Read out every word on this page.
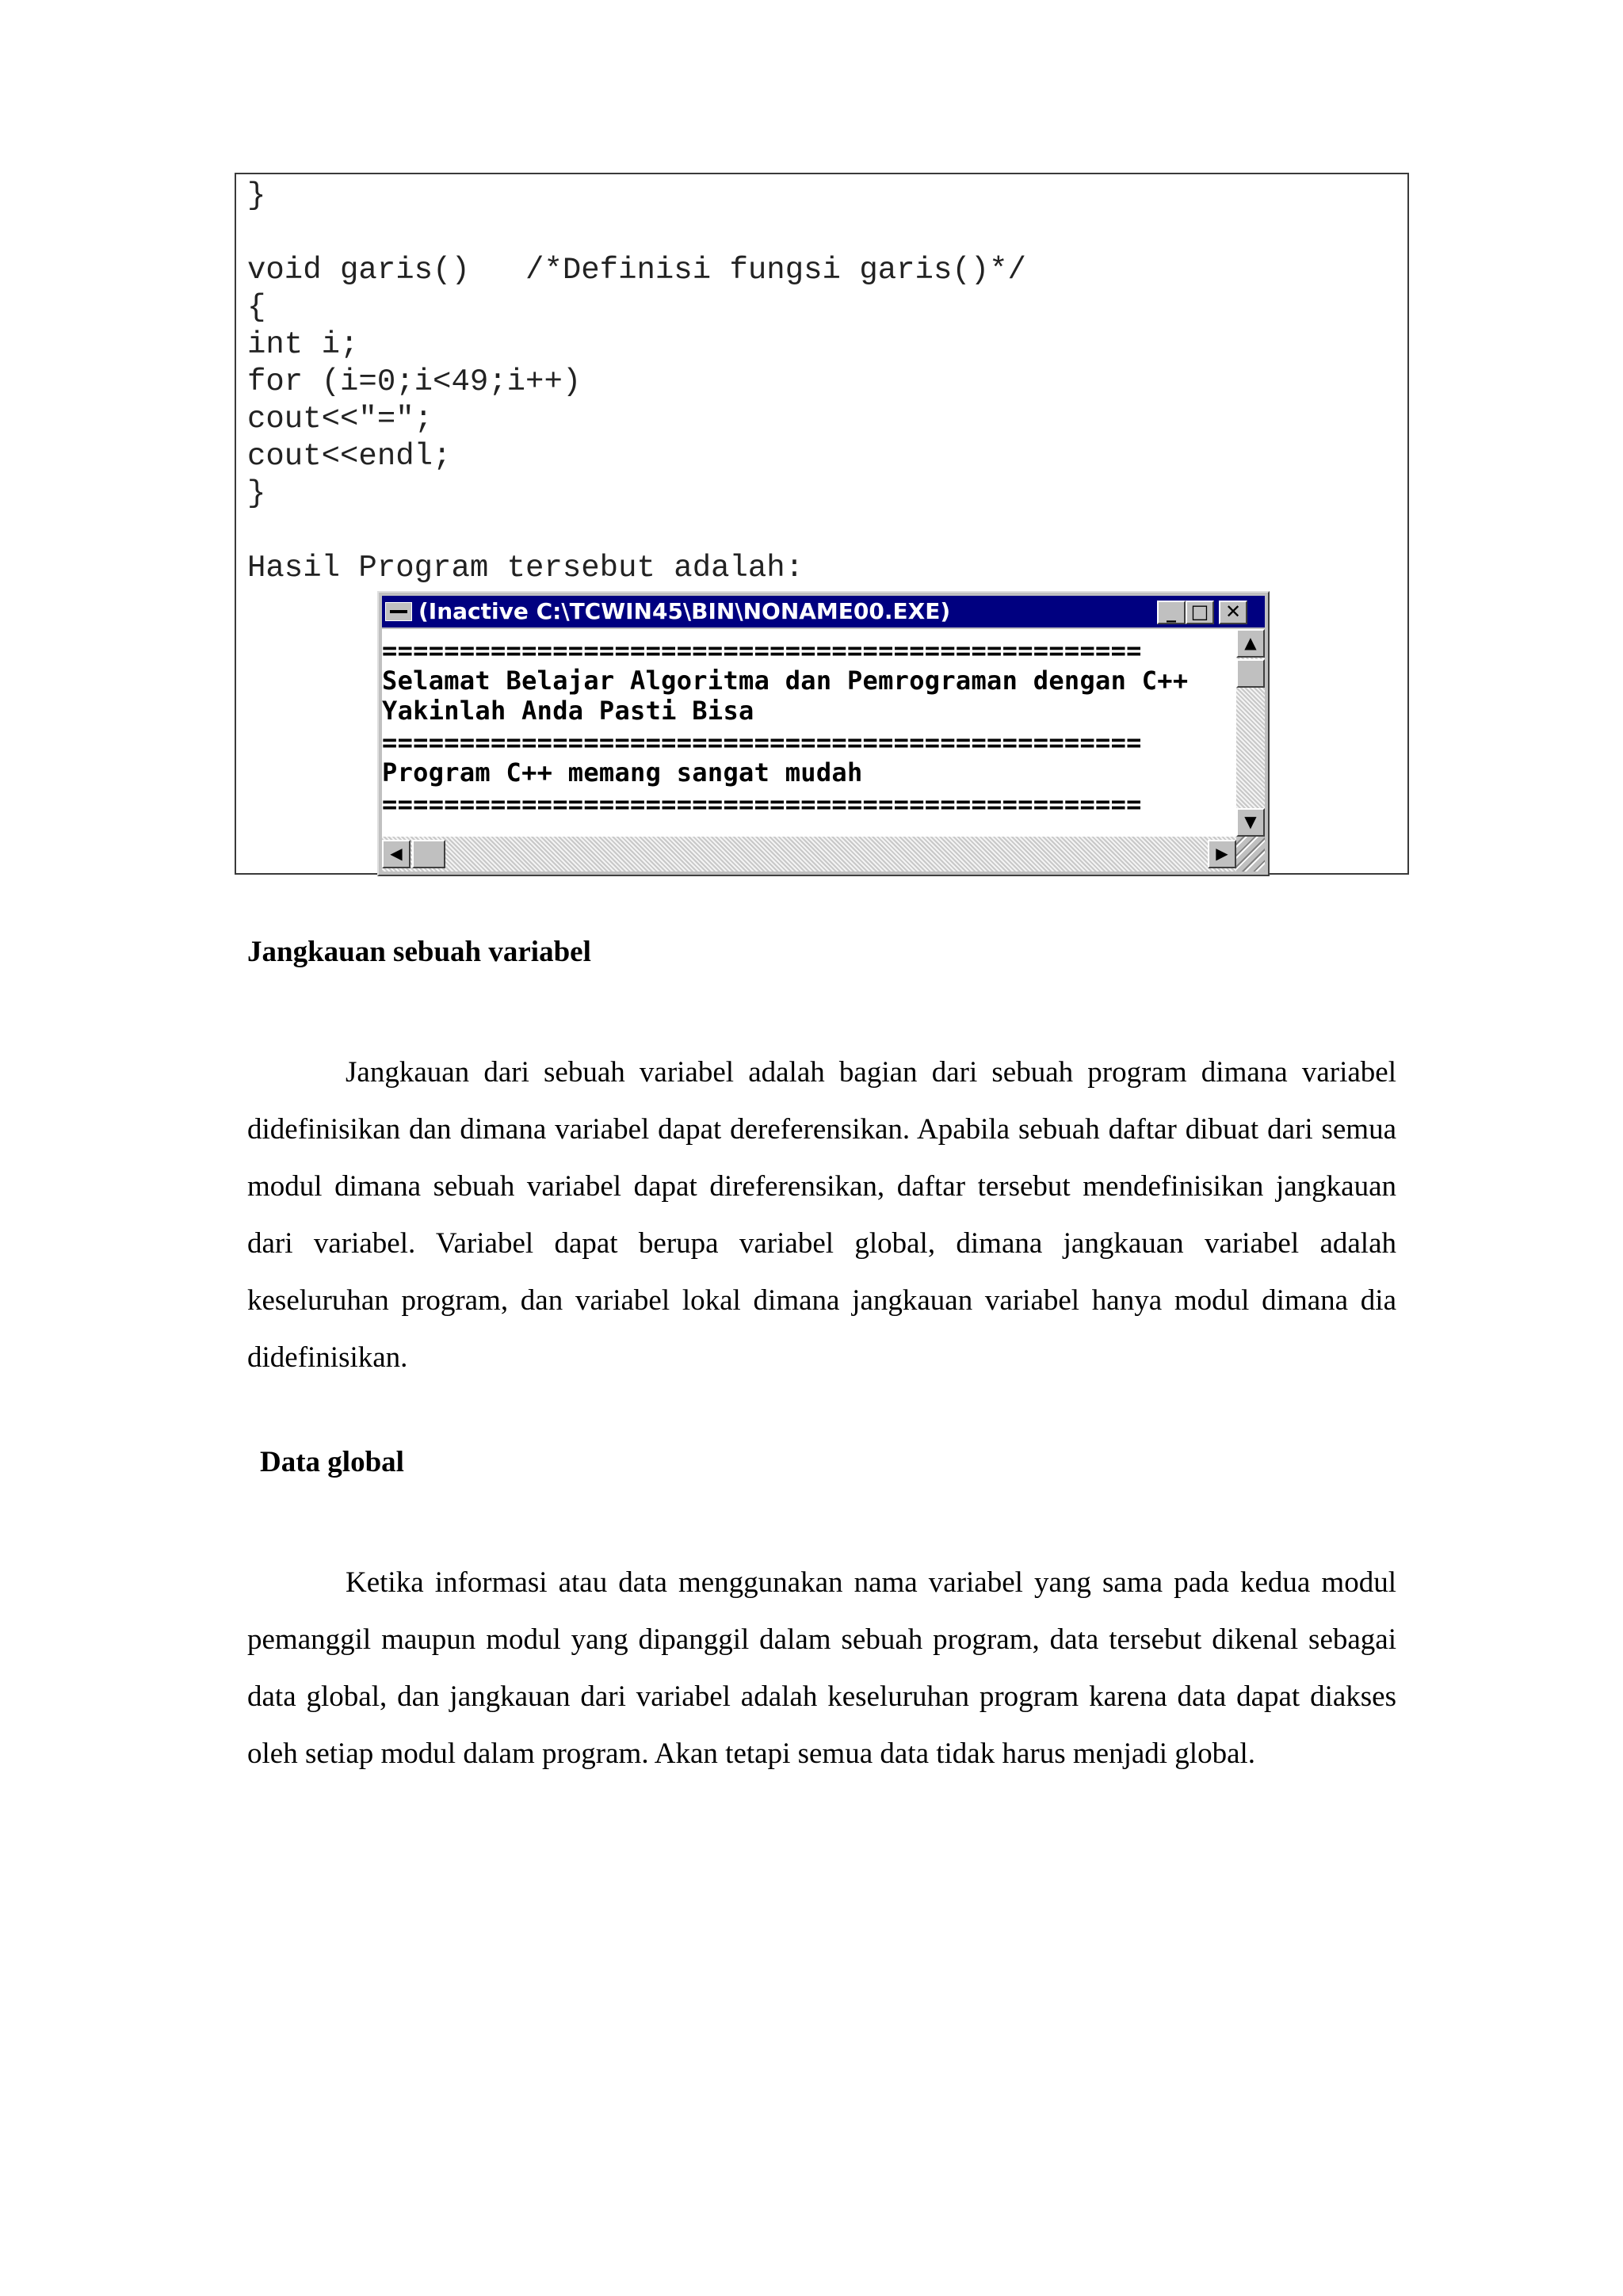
}
void garis()   /*Definisi fungsi garis()*/
{
int i;
for (i=0;i<49;i++)
cout<<"=";
cout<<endl;
}
Hasil Program tersebut adalah:
(Inactive C:\TCWIN45\BIN\NONAME00.EXE)	_ □ ✕
=================================================
Selamat Belajar Algoritma dan Pemrograman dengan C++
Yakinlah Anda Pasti Bisa
=================================================
Program C++ memang sangat mudah
=================================================
▲
▼
◀	▶
Jangkauan sebuah variabel

Jangkauan dari sebuah variabel adalah bagian dari sebuah program dimana variabel didefinisikan dan dimana variabel dapat dereferensikan. Apabila sebuah daftar dibuat dari semua modul dimana sebuah variabel dapat direferensikan, daftar tersebut mendefinisikan jangkauan dari variabel. Variabel dapat berupa variabel global, dimana jangkauan variabel adalah keseluruhan program, dan variabel lokal dimana jangkauan variabel hanya modul dimana dia didefinisikan.

Data global

Ketika informasi atau data menggunakan nama variabel yang sama pada kedua modul pemanggil maupun modul yang dipanggil dalam sebuah program, data tersebut dikenal sebagai data global, dan jangkauan dari variabel adalah keseluruhan program karena data dapat diakses oleh setiap modul dalam program. Akan tetapi semua data tidak harus menjadi global.
